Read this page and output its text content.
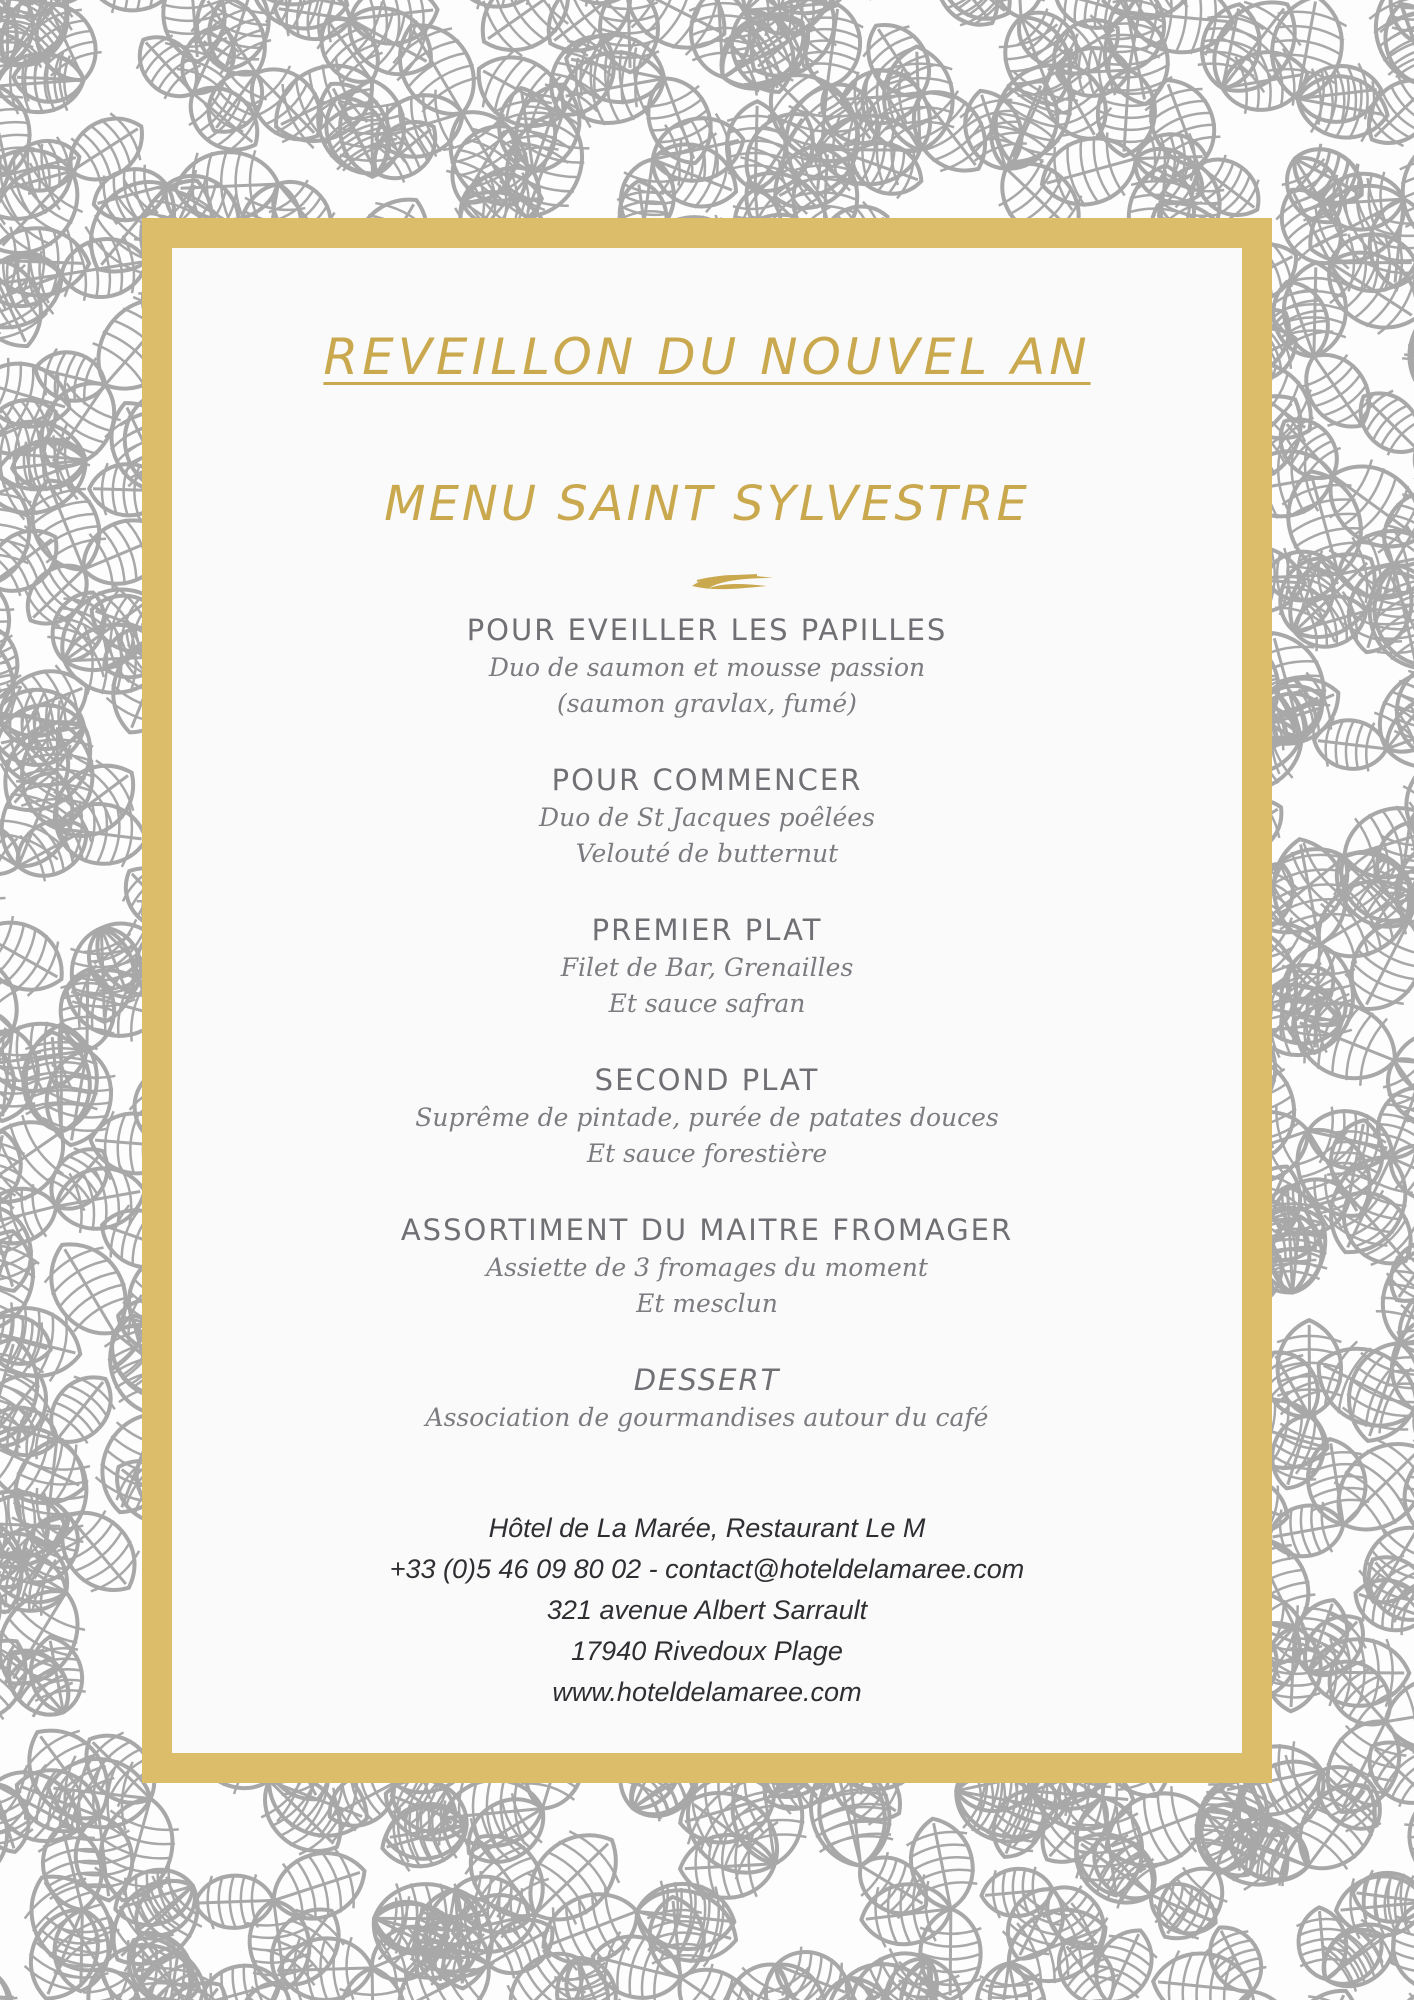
REVEILLON DU NOUVEL AN
MENU SAINT SYLVESTRE

POUR EVEILLER LES PAPILLES

Duo de saumon et mousse passion

(saumon gravlax, fumé)

POUR COMMENCER

Duo de St Jacques poêlées

Velouté de butternut

PREMIER PLAT

Filet de Bar, Grenailles

Et sauce safran

SECOND PLAT

Suprême de pintade, purée de patates douces

Et sauce forestière

ASSORTIMENT DU MAITRE FROMAGER

Assiette de 3 fromages du moment

Et mesclun

DESSERT

Association de gourmandises autour du café

Hôtel de La Marée, Restaurant Le M
+33 (0)5 46 09 80 02 - contact@hoteldelamaree.com
321 avenue Albert Sarrault
17940 Rivedoux Plage
www.hoteldelamaree.com
